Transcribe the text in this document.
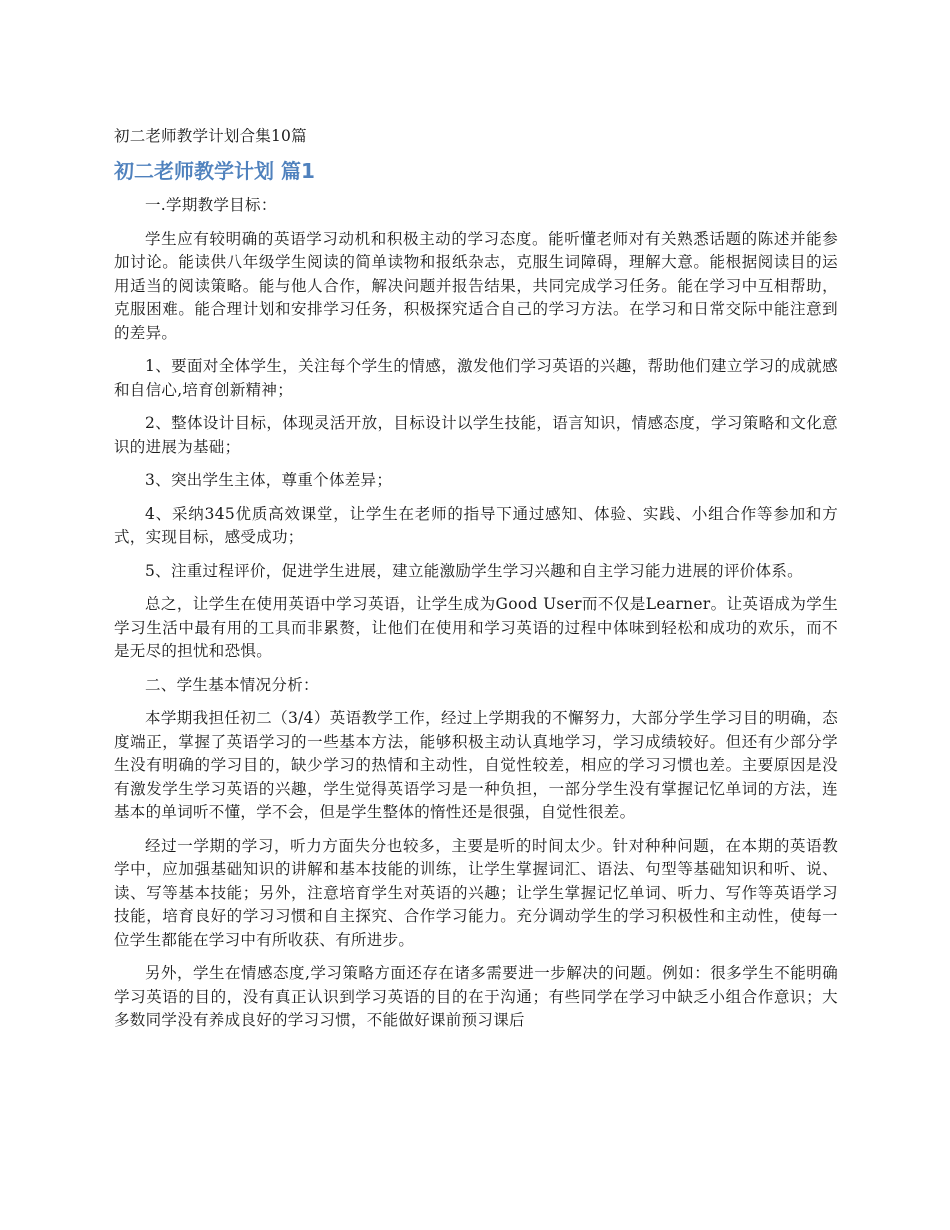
初二老师教学计划合集10篇
初二老师教学计划 篇1

一.学期教学目标：

学生应有较明确的英语学习动机和积极主动的学习态度。能听懂老师对有关熟悉话题的陈述并能参加讨论。能读供八年级学生阅读的简单读物和报纸杂志，克服生词障碍，理解大意。能根据阅读目的运用适当的阅读策略。能与他人合作，解决问题并报告结果，共同完成学习任务。能在学习中互相帮助，克服困难。能合理计划和安排学习任务，积极探究适合自己的学习方法。在学习和日常交际中能注意到的差异。

1、要面对全体学生，关注每个学生的情感，激发他们学习英语的兴趣，帮助他们建立学习的成就感和自信心,培育创新精神；

2、整体设计目标，体现灵活开放，目标设计以学生技能，语言知识，情感态度，学习策略和文化意识的进展为基础；

3、突出学生主体，尊重个体差异；

4、采纳345优质高效课堂，让学生在老师的指导下通过感知、体验、实践、小组合作等参加和方式，实现目标，感受成功；

5、注重过程评价，促进学生进展，建立能激励学生学习兴趣和自主学习能力进展的评价体系。

总之，让学生在使用英语中学习英语，让学生成为Good User而不仅是Learner。让英语成为学生学习生活中最有用的工具而非累赘，让他们在使用和学习英语的过程中体味到轻松和成功的欢乐，而不是无尽的担忧和恐惧。

二、学生基本情况分析：

本学期我担任初二（3/4）英语教学工作，经过上学期我的不懈努力，大部分学生学习目的明确，态度端正，掌握了英语学习的一些基本方法，能够积极主动认真地学习，学习成绩较好。但还有少部分学生没有明确的学习目的，缺少学习的热情和主动性，自觉性较差，相应的学习习惯也差。主要原因是没有激发学生学习英语的兴趣，学生觉得英语学习是一种负担，一部分学生没有掌握记忆单词的方法，连基本的单词听不懂，学不会，但是学生整体的惰性还是很强，自觉性很差。

经过一学期的学习，听力方面失分也较多，主要是听的时间太少。针对种种问题，在本期的英语教学中，应加强基础知识的讲解和基本技能的训练，让学生掌握词汇、语法、句型等基础知识和听、说、读、写等基本技能；另外，注意培育学生对英语的兴趣；让学生掌握记忆单词、听力、写作等英语学习技能，培育良好的学习习惯和自主探究、合作学习能力。充分调动学生的学习积极性和主动性，使每一位学生都能在学习中有所收获、有所进步。

另外，学生在情感态度,学习策略方面还存在诸多需要进一步解决的问题。例如：很多学生不能明确学习英语的目的，没有真正认识到学习英语的目的在于沟通；有些同学在学习中缺乏小组合作意识；大多数同学没有养成良好的学习习惯，不能做好课前预习课后
